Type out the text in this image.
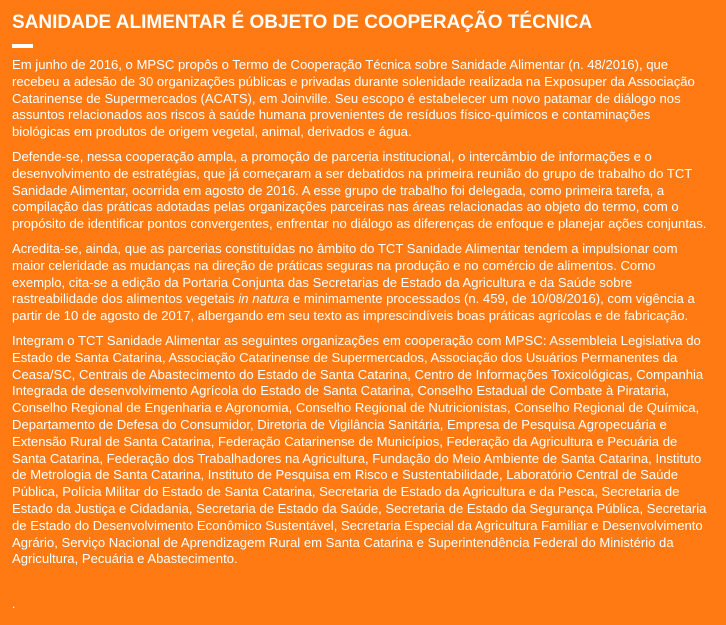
SANIDADE ALIMENTAR É OBJETO DE COOPERAÇÃO TÉCNICA

Em junho de 2016, o MPSC propôs o Termo de Cooperação Técnica sobre Sanidade Alimentar (n. 48/2016), que recebeu a adesão de 30 organizações públicas e privadas durante solenidade realizada na Exposuper da Associação Catarinense de Supermercados (ACATS), em Joinville. Seu escopo é estabelecer um novo patamar de diálogo nos assuntos relacionados aos riscos à saúde humana provenientes de resíduos físico-químicos e contaminações biológicas em produtos de origem vegetal, animal, derivados e água.

Defende-se, nessa cooperação ampla, a promoção de parceria institucional, o intercâmbio de informações e o desenvolvimento de estratégias, que já começaram a ser debatidos na primeira reunião do grupo de trabalho do TCT Sanidade Alimentar, ocorrida em agosto de 2016. A esse grupo de trabalho foi delegada, como primeira tarefa, a compilação das práticas adotadas pelas organizações parceiras nas áreas relacionadas ao objeto do termo, com o propósito de identificar pontos convergentes, enfrentar no diálogo as diferenças de enfoque e planejar ações conjuntas.

Acredita-se, ainda, que as parcerias constituídas no âmbito do TCT Sanidade Alimentar tendem a impulsionar com maior celeridade as mudanças na direção de práticas seguras na produção e no comércio de alimentos. Como exemplo, cita-se a edição da Portaria Conjunta das Secretarias de Estado da Agricultura e da Saúde sobre rastreabilidade dos alimentos vegetais in natura e minimamente processados (n. 459, de 10/08/2016), com vigência a partir de 10 de agosto de 2017, albergando em seu texto as imprescindíveis boas práticas agrícolas e de fabricação.

Integram o TCT Sanidade Alimentar as seguintes organizações em cooperação com MPSC: Assembleia Legislativa do Estado de Santa Catarina, Associação Catarinense de Supermercados, Associação dos Usuários Permanentes da Ceasa/SC, Centrais de Abastecimento do Estado de Santa Catarina, Centro de Informações Toxicológicas, Companhia Integrada de desenvolvimento Agrícola do Estado de Santa Catarina, Conselho Estadual de Combate à Pirataria, Conselho Regional de Engenharia e Agronomia, Conselho Regional de Nutricionistas, Conselho Regional de Química, Departamento de Defesa do Consumidor, Diretoria de Vigilância Sanitária, Empresa de Pesquisa Agropecuária e Extensão Rural de Santa Catarina, Federação Catarinense de Municípios, Federação da Agricultura e Pecuária de Santa Catarina, Federação dos Trabalhadores na Agricultura, Fundação do Meio Ambiente de Santa Catarina, Instituto de Metrologia de Santa Catarina, Instituto de Pesquisa em Risco e Sustentabilidade, Laboratório Central de Saúde Pública, Polícia Militar do Estado de Santa Catarina, Secretaria de Estado da Agricultura e da Pesca, Secretaria de Estado da Justiça e Cidadania, Secretaria de Estado da Saúde, Secretaria de Estado da Segurança Pública, Secretaria de Estado do Desenvolvimento Econômico Sustentável, Secretaria Especial da Agricultura Familiar e Desenvolvimento Agrário, Serviço Nacional de Aprendizagem Rural em Santa Catarina e Superintendência Federal do Ministério da Agricultura, Pecuária e Abastecimento.

.
